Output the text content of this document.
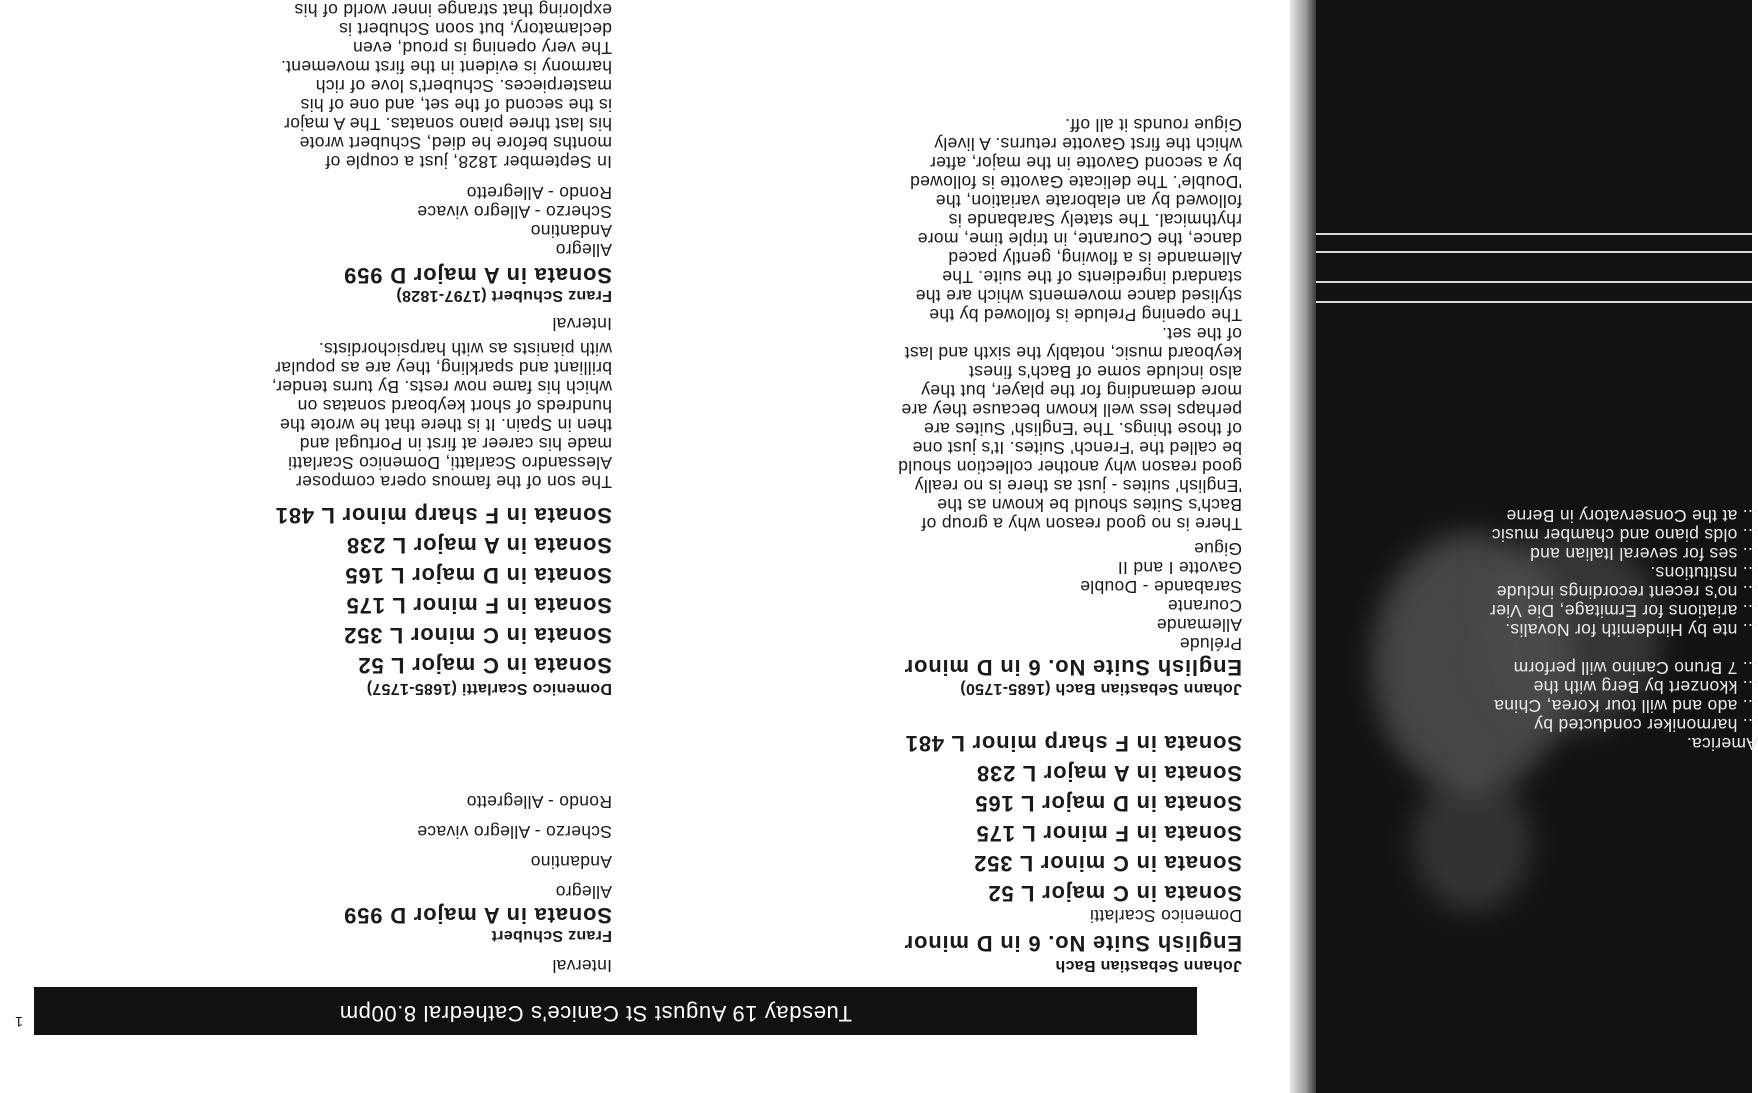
America.
... harmoniker conducted by
... ado and will tour Korea, China
... kkonzert by Berg with the
... 7 Bruno Canino will perform

... nte by Hindemith for Novalis.
... ariations for Ermitage, Die Vier
... no's recent recordings include
... nstitutions.
... ses for several Italian and
... olds piano and chamber music
... at the Conservatory in Berne
Tuesday 19 August St Canice's Cathedral 8.00pm
1
Johann Sebastian Bach
English Suite No. 6 in D minor
Domenico Scarlatti
Sonata in C major L 52
Sonata in C minor L 352
Sonata in F minor L 175
Sonata in D major L 165
Sonata in A major L 238
Sonata in F sharp minor L 481
Interval
Franz Schubert
Sonata in A major D 959
Allegro
Andantino
Scherzo - Allegro vivace
Rondo - Allegretto
Johann Sebastian Bach (1685-1750)
English Suite No. 6 in D minor
Prélude
Allemande
Courante
Sarabande - Double
Gavotte I and II
Gigue
There is no good reason why a group of
Bach's Suites should be known as the
'English' suites - just as there is no really
good reason why another collection should
be called the 'French' Suites. It's just one
of those things. The 'English' Suites are
perhaps less well known because they are
more demanding for the player, but they
also include some of Bach's finest
keyboard music, notably the sixth and last
of the set.
The opening Prelude is followed by the
stylised dance movements which are the
standard ingredients of the suite. The
Allemande is a flowing, gently paced
dance, the Courante, in triple time, more
rhythmical. The stately Sarabande is
followed by an elaborate variation, the
'Double'. The delicate Gavotte is followed
by a second Gavotte in the major, after
which the first Gavotte returns. A lively
Gigue rounds it all off.
Domenico Scarlatti (1685-1757)
Sonata in C major L 52
Sonata in C minor L 352
Sonata in F minor L 175
Sonata in D major L 165
Sonata in A major L 238
Sonata in F sharp minor L 481
The son of the famous opera composer
Alessandro Scarlatti, Domenico Scarlatti
made his career at first in Portugal and
then in Spain. It is there that he wrote the
hundreds of short keyboard sonatas on
which his fame now rests. By turns tender,
brilliant and sparkling, they are as popular
with pianists as with harpsichordists.
Interval
Franz Schubert (1797-1828)
Sonata in A major D 959
Allegro
Andantino
Scherzo - Allegro vivace
Rondo - Allegretto
In September 1828, just a couple of
months before he died, Schubert wrote
his last three piano sonatas. The A major
is the second of the set, and one of his
masterpieces. Schubert's love of rich
harmony is evident in the first movement.
The very opening is proud, even
declamatory, but soon Schubert is
exploring that strange inner world of his
